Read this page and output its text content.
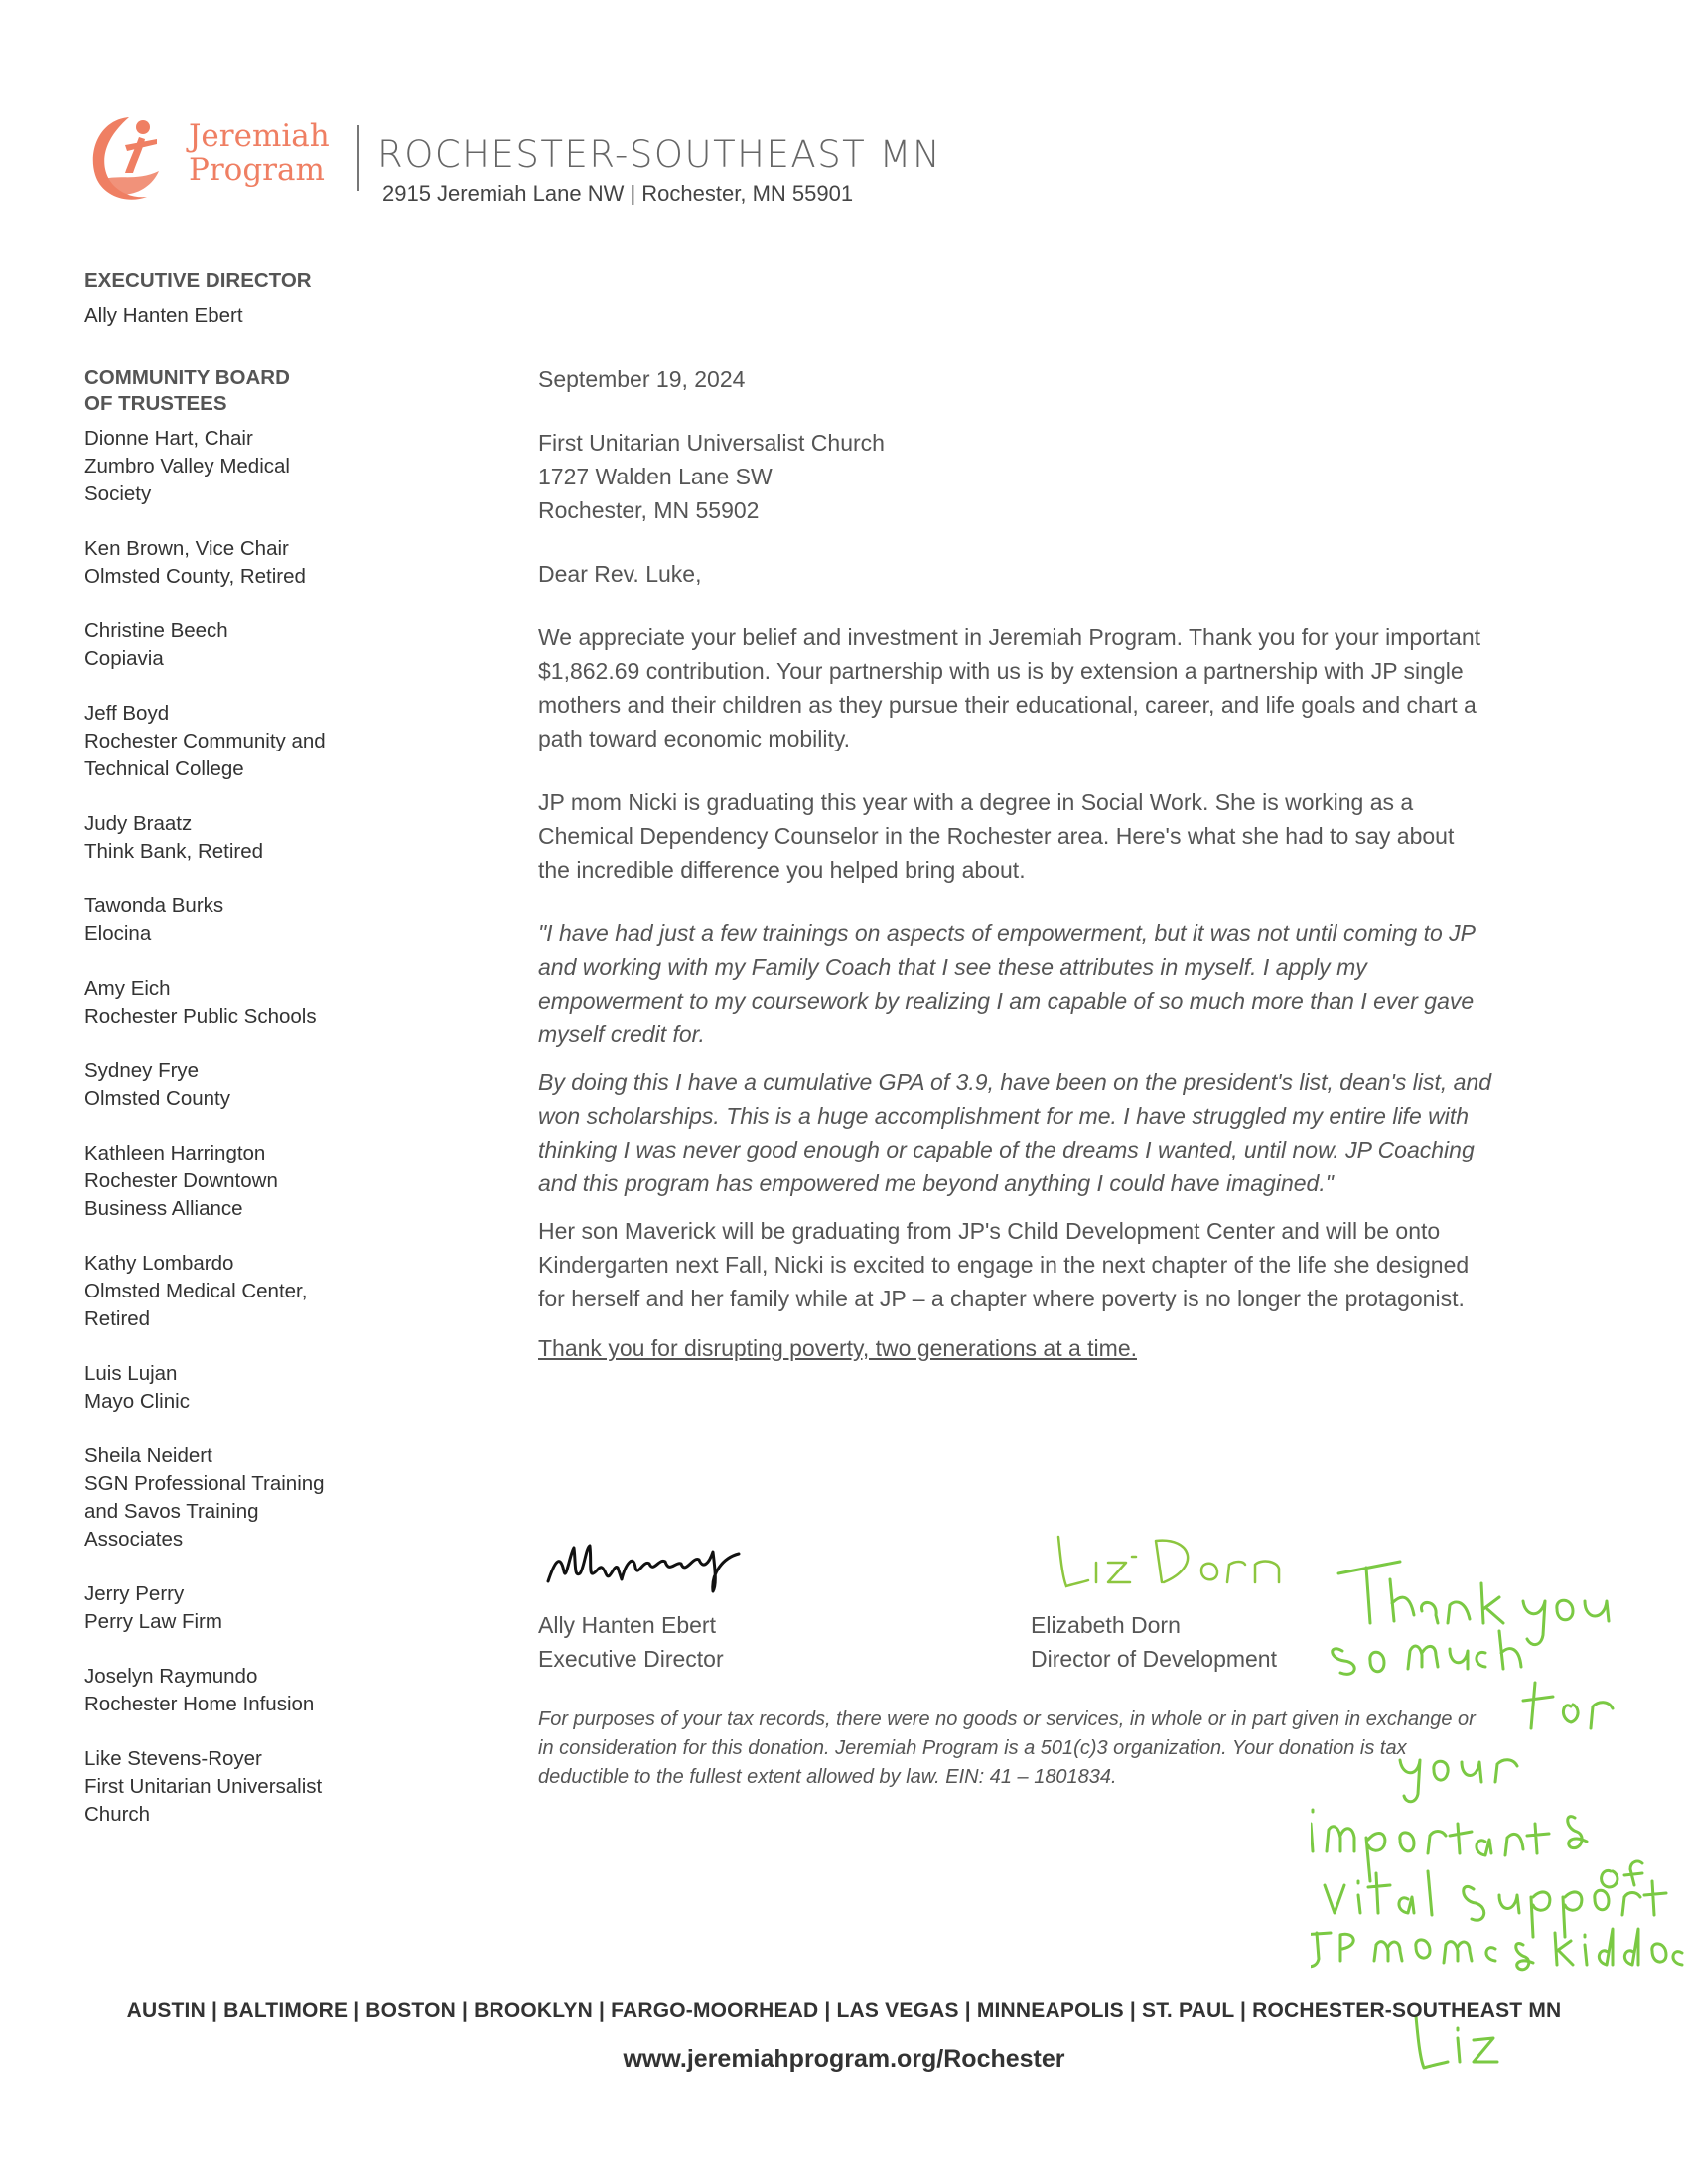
Jeremiah
Program ROCHESTER-SOUTHEAST MN
2915 Jeremiah Lane NW | Rochester, MN 55901
EXECUTIVE DIRECTOR
Ally Hanten Ebert
COMMUNITY BOARD
OF TRUSTEES
Dionne Hart, Chair
Zumbro Valley Medical
Society
Ken Brown, Vice Chair
Olmsted County, Retired
Christine Beech
Copiavia
Jeff Boyd
Rochester Community and
Technical College
Judy Braatz
Think Bank, Retired
Tawonda Burks
Elocina
Amy Eich
Rochester Public Schools
Sydney Frye
Olmsted County
Kathleen Harrington
Rochester Downtown
Business Alliance
Kathy Lombardo
Olmsted Medical Center,
Retired
Luis Lujan
Mayo Clinic
Sheila Neidert
SGN Professional Training
and Savos Training
Associates
Jerry Perry
Perry Law Firm
Joselyn Raymundo
Rochester Home Infusion
Like Stevens-Royer
First Unitarian Universalist
Church

September 19, 2024

First Unitarian Universalist Church
1727 Walden Lane SW
Rochester, MN 55902

Dear Rev. Luke,

We appreciate your belief and investment in Jeremiah Program. Thank you for your important $1,862.69 contribution. Your partnership with us is by extension a partnership with JP single mothers and their children as they pursue their educational, career, and life goals and chart a path toward economic mobility.

JP mom Nicki is graduating this year with a degree in Social Work. She is working as a Chemical Dependency Counselor in the Rochester area. Here's what she had to say about the incredible difference you helped bring about.

"I have had just a few trainings on aspects of empowerment, but it was not until coming to JP and working with my Family Coach that I see these attributes in myself. I apply my empowerment to my coursework by realizing I am capable of so much more than I ever gave myself credit for.

By doing this I have a cumulative GPA of 3.9, have been on the president's list, dean's list, and won scholarships. This is a huge accomplishment for me. I have struggled my entire life with thinking I was never good enough or capable of the dreams I wanted, until now. JP Coaching and this program has empowered me beyond anything I could have imagined."

Her son Maverick will be graduating from JP's Child Development Center and will be onto Kindergarten next Fall, Nicki is excited to engage in the next chapter of the life she designed for herself and her family while at JP – a chapter where poverty is no longer the protagonist.

Thank you for disrupting poverty, two generations at a time.

Ally Hanten Ebert
Executive Director
Elizabeth Dorn
Director of Development
For purposes of your tax records, there were no goods or services, in whole or in part given in exchange or in consideration for this donation. Jeremiah Program is a 501(c)3 organization. Your donation is tax deductible to the fullest extent allowed by law. EIN: 41 – 1801834.
AUSTIN | BALTIMORE | BOSTON | BROOKLYN | FARGO-MOORHEAD | LAS VEGAS | MINNEAPOLIS | ST. PAUL | ROCHESTER-SOUTHEAST MN
www.jeremiahprogram.org/Rochester
